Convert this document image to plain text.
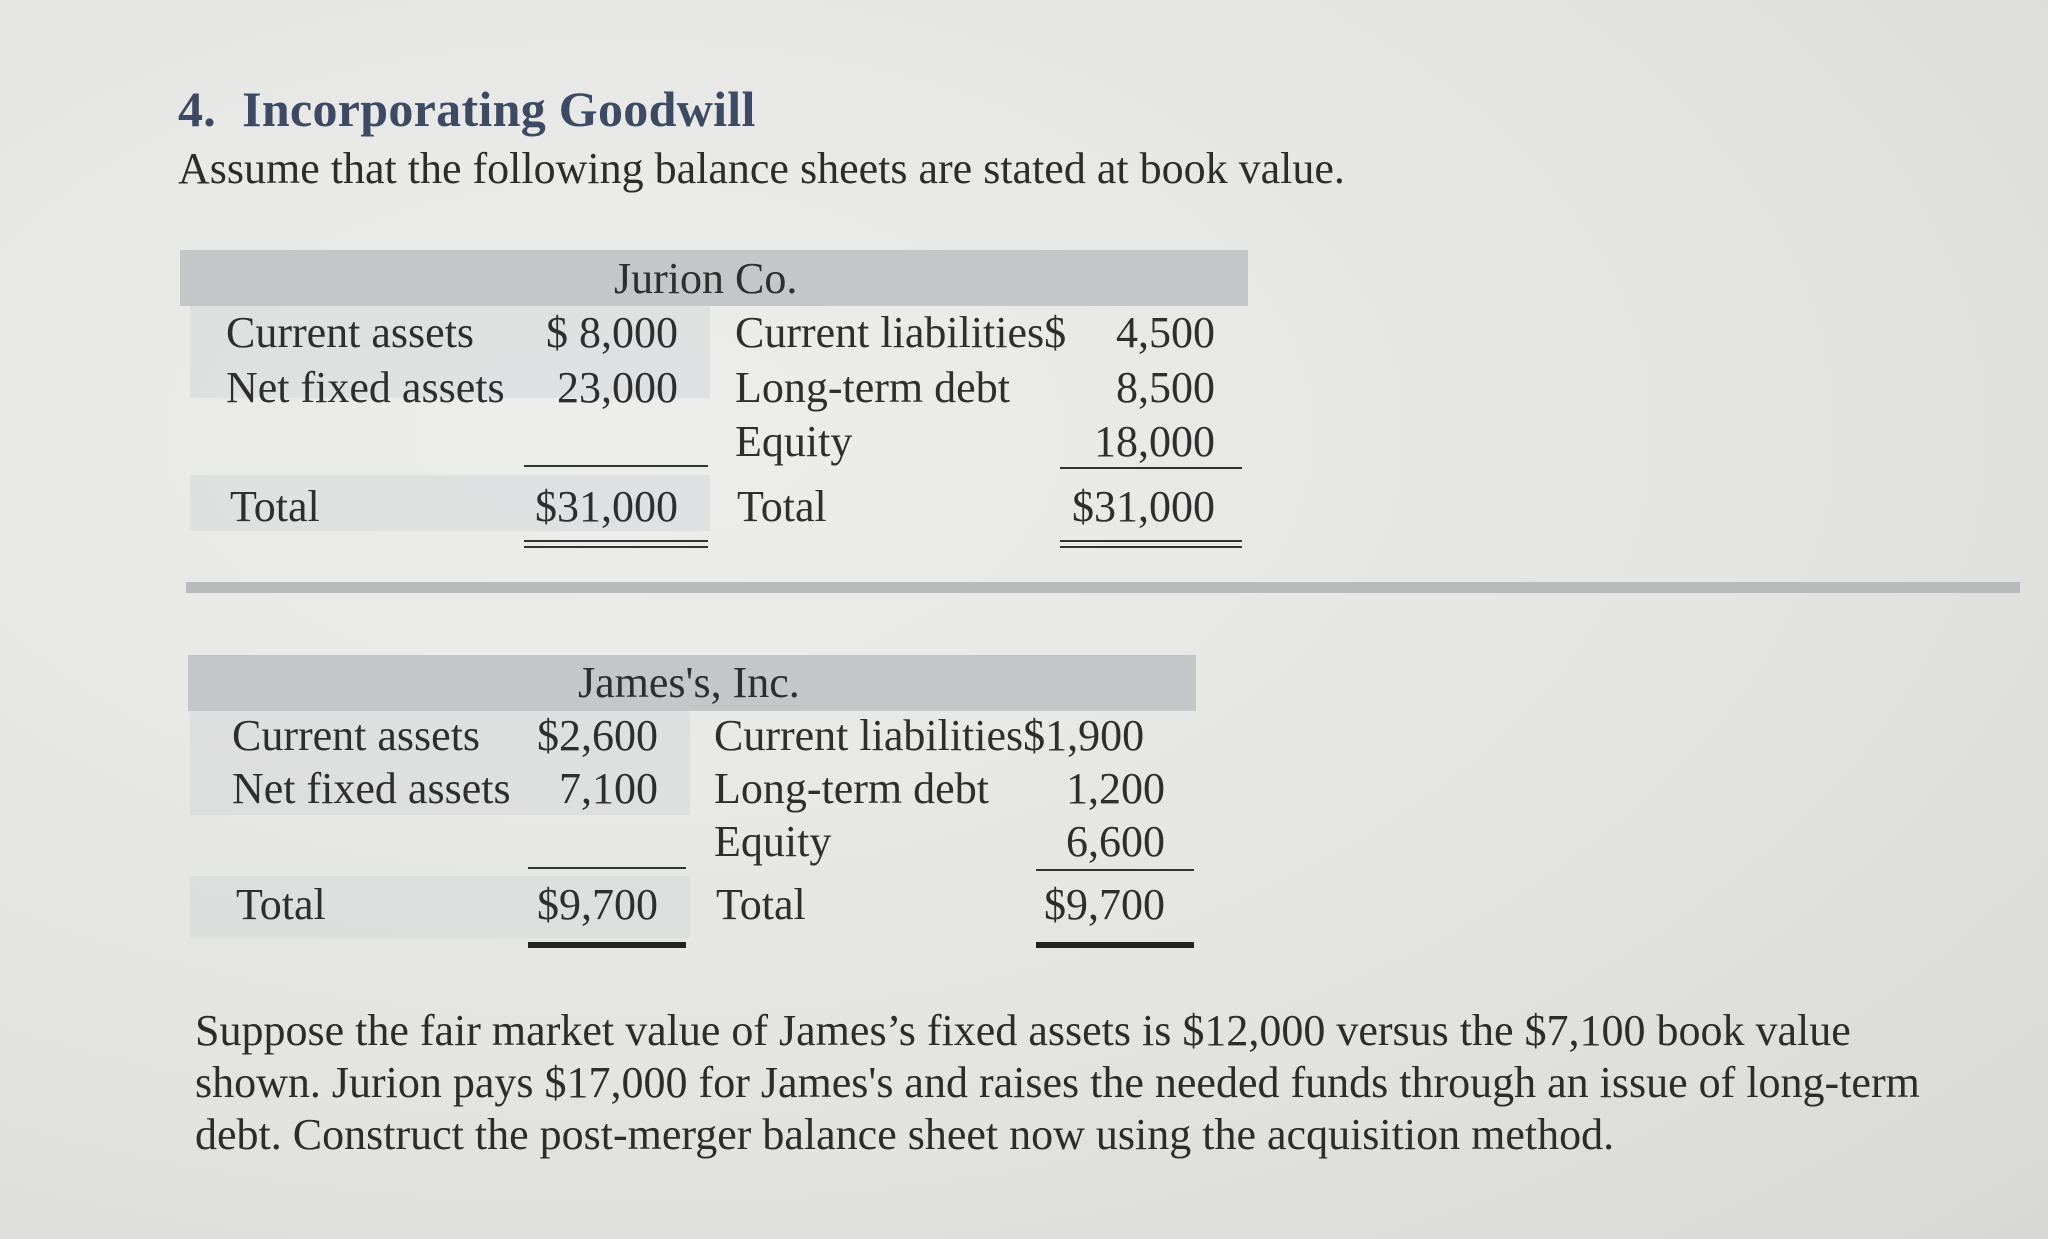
4. Incorporating Goodwill
Assume that the following balance sheets are stated at book value.
Jurion Co.
Current assets	$ 8,000 Current liabilities$	4,500
Net fixed assets	23,000 Long-term debt	8,500
Equity	18,000
Total	$31,000 Total	$31,000
James's, Inc.
Current assets	$2,600 Current liabilities$1,900
Net fixed assets	7,100 Long-term debt	1,200
Equity	6,600
Total	$9,700 Total	$9,700
Suppose the fair market value of James’s fixed assets is $12,000 versus the $7,100 book value shown. Jurion pays $17,000 for James's and raises the needed funds through an issue of long-term debt. Construct the post-merger balance sheet now using the acquisition method.
